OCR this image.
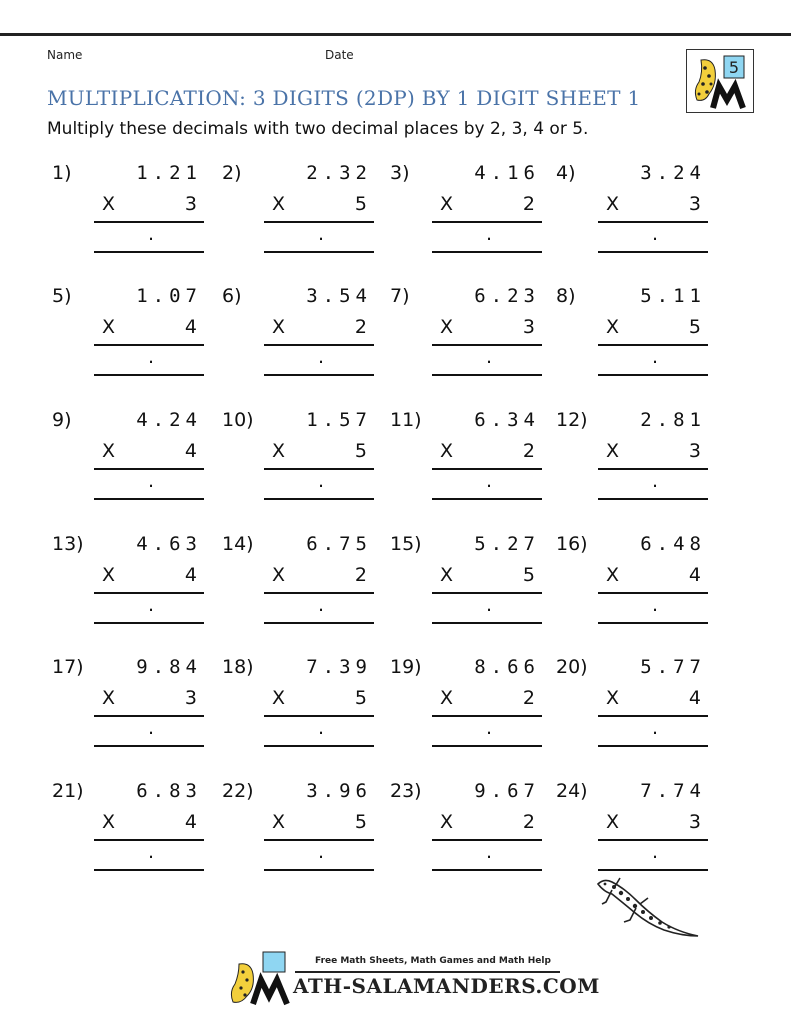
Name	Date
5
MULTIPLICATION: 3 DIGITS (2DP) BY 1 DIGIT SHEET 1
Multiply these decimals with two decimal places by 2, 3, 4 or 5.
1)	1.21
X	3
.
2)	2.32
X	5
.
3)	4.16
X	2
.
4)	3.24
X	3
.
5)	1.07
X	4
.
6)	3.54
X	2
.
7)	6.23
X	3
.
8)	5.11
X	5
.
9)	4.24
X	4
.
10)	1.57
X	5
.
11)	6.34
X	2
.
12)	2.81
X	3
.
13)	4.63
X	4
.
14)	6.75
X	2
.
15)	5.27
X	5
.
16)	6.48
X	4
.
17)	9.84
X	3
.
18)	7.39
X	5
.
19)	8.66
X	2
.
20)	5.77
X	4
.
21)	6.83
X	4
.
22)	3.96
X	5
.
23)	9.67
X	2
.
24)	7.74
X	3
.
Free Math Sheets, Math Games and Math Help
ATH-SALAMANDERS.COM
